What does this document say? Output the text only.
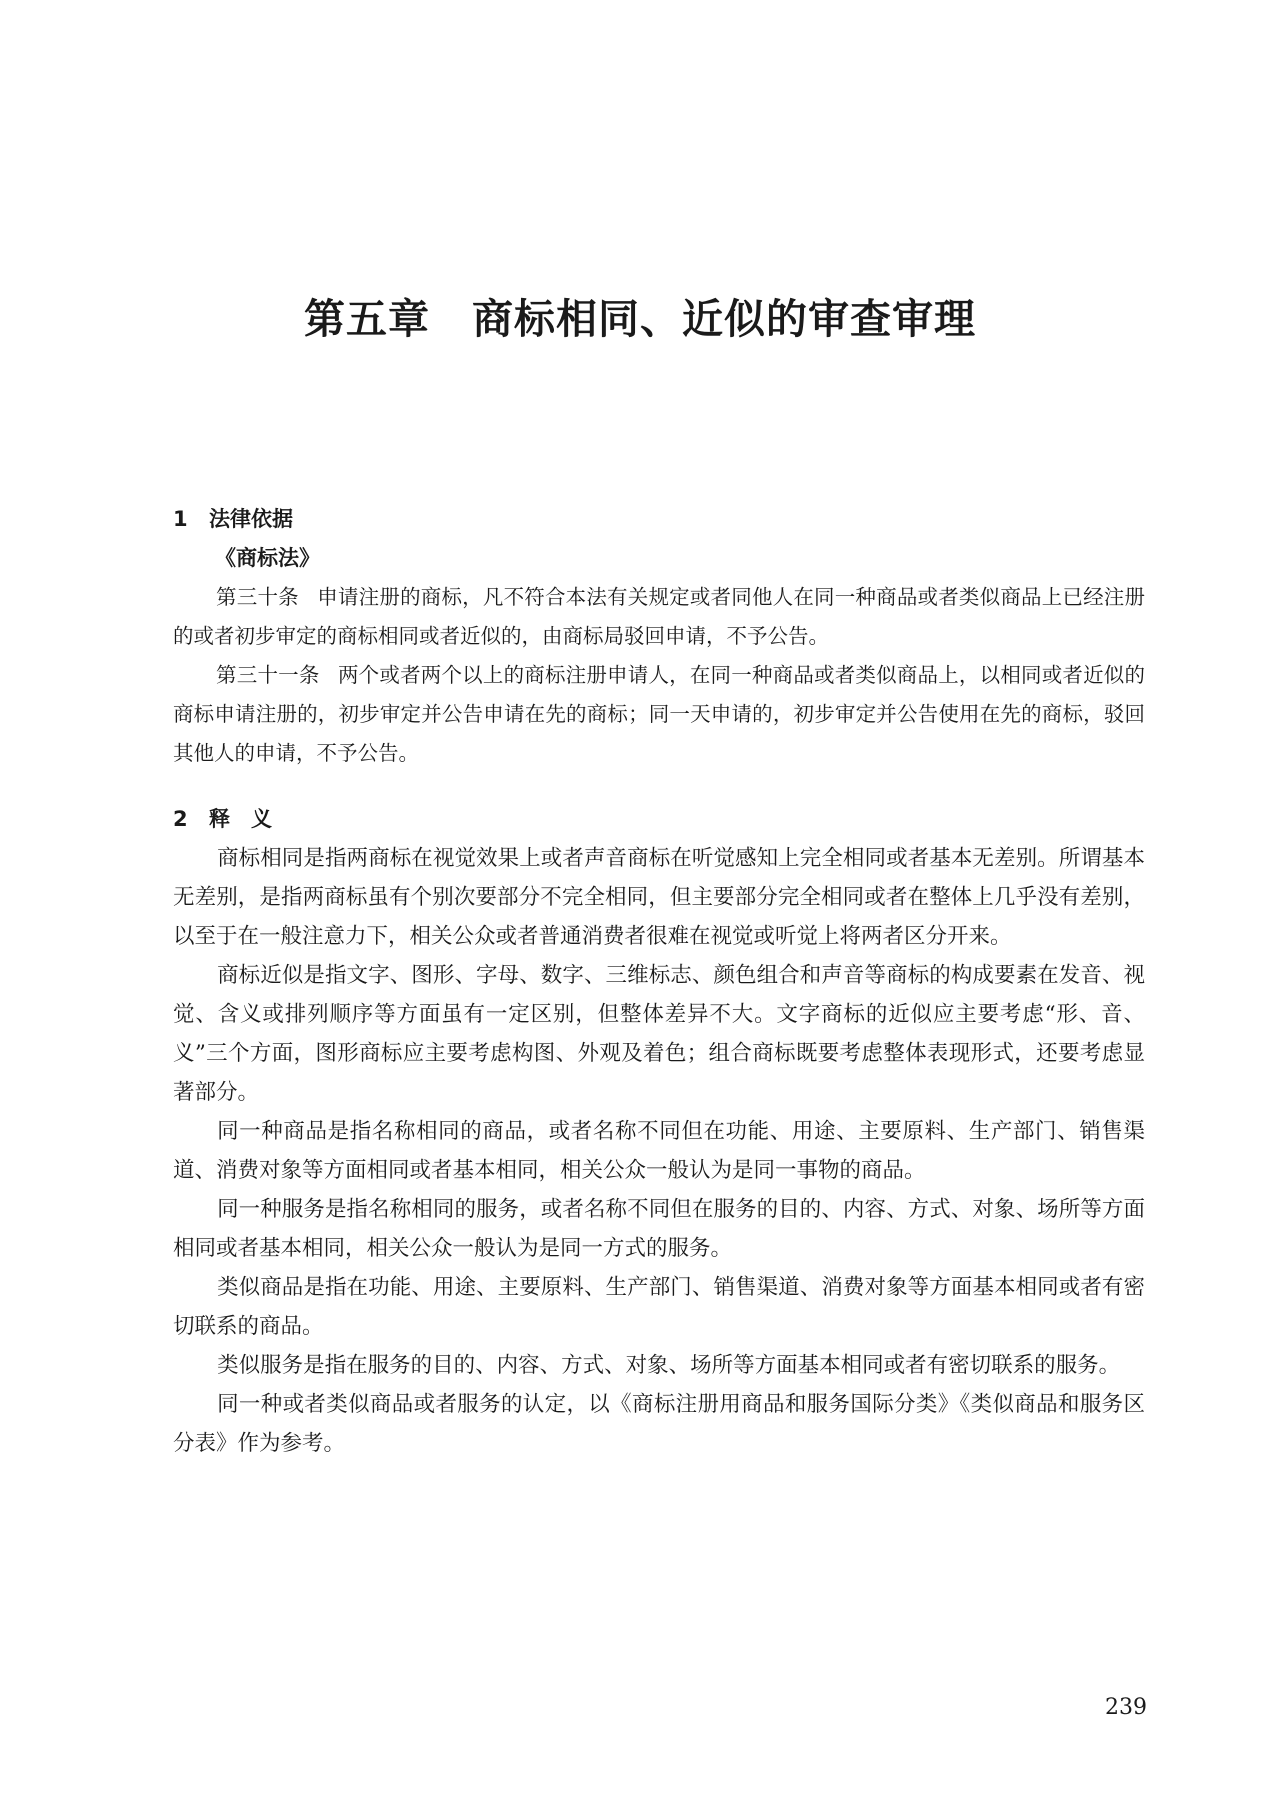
第五章　商标相同、近似的审查审理
1 法律依据
《商标法》

第三十条 申请注册的商标，凡不符合本法有关规定或者同他人在同一种商品或者类似商品上已经注册的或者初步审定的商标相同或者近似的，由商标局驳回申请，不予公告。

第三十一条 两个或者两个以上的商标注册申请人，在同一种商品或者类似商品上，以相同或者近似的商标申请注册的，初步审定并公告申请在先的商标；同一天申请的，初步审定并公告使用在先的商标，驳回其他人的申请，不予公告。

2 释　义

商标相同是指两商标在视觉效果上或者声音商标在听觉感知上完全相同或者基本无差别。所谓基本无差别，是指两商标虽有个别次要部分不完全相同，但主要部分完全相同或者在整体上几乎没有差别，以至于在一般注意力下，相关公众或者普通消费者很难在视觉或听觉上将两者区分开来。

商标近似是指文字、图形、字母、数字、三维标志、颜色组合和声音等商标的构成要素在发音、视觉、含义或排列顺序等方面虽有一定区别，但整体差异不大。文字商标的近似应主要考虑“形、音、义”三个方面，图形商标应主要考虑构图、外观及着色；组合商标既要考虑整体表现形式，还要考虑显著部分。

同一种商品是指名称相同的商品，或者名称不同但在功能、用途、主要原料、生产部门、销售渠道、消费对象等方面相同或者基本相同，相关公众一般认为是同一事物的商品。

同一种服务是指名称相同的服务，或者名称不同但在服务的目的、内容、方式、对象、场所等方面相同或者基本相同，相关公众一般认为是同一方式的服务。

类似商品是指在功能、用途、主要原料、生产部门、销售渠道、消费对象等方面基本相同或者有密切联系的商品。

类似服务是指在服务的目的、内容、方式、对象、场所等方面基本相同或者有密切联系的服务。

同一种或者类似商品或者服务的认定，以《商标注册用商品和服务国际分类》《类似商品和服务区分表》作为参考。

239
